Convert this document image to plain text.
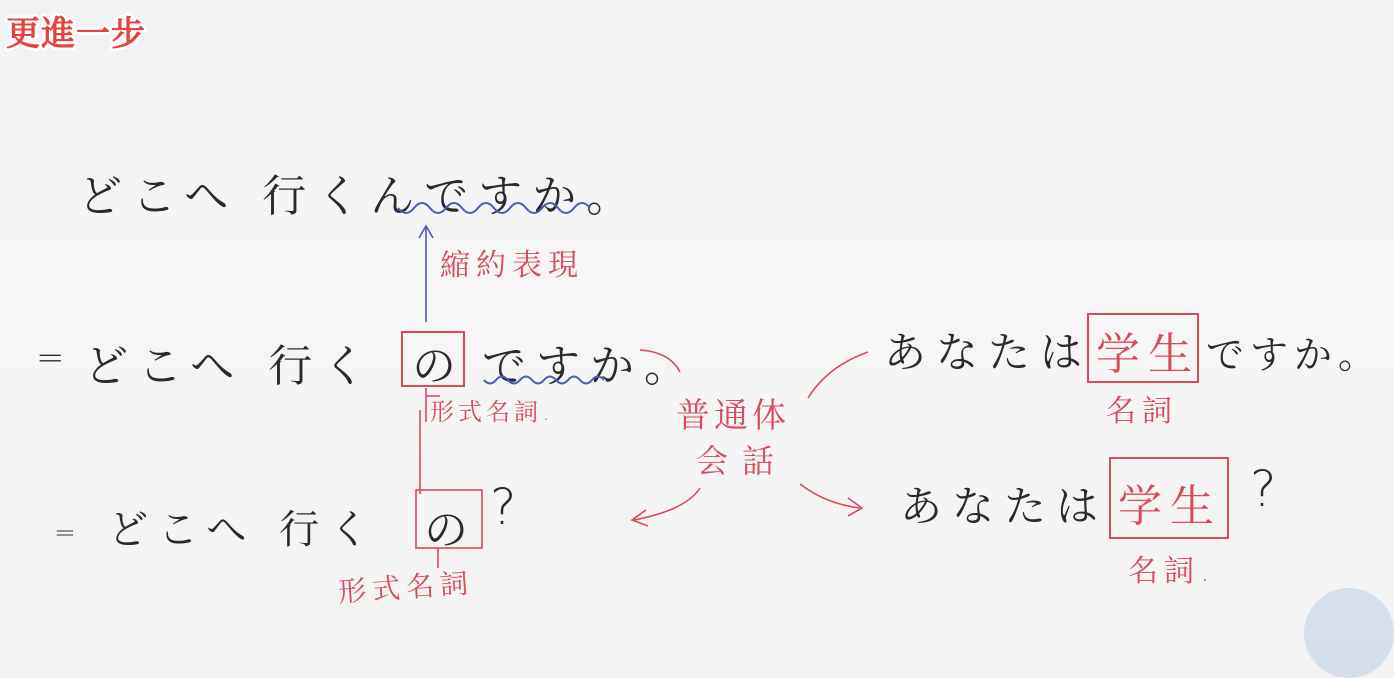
更進一步
どこへ 行くんですか。
縮約表現
= どこへ 行く の ですか。
形式名詞.
= どこへ 行く の ?
形式名詞
普通体
会話
あなたは 学生 ですか。
名詞
あなたは 学生 ?
名詞.
